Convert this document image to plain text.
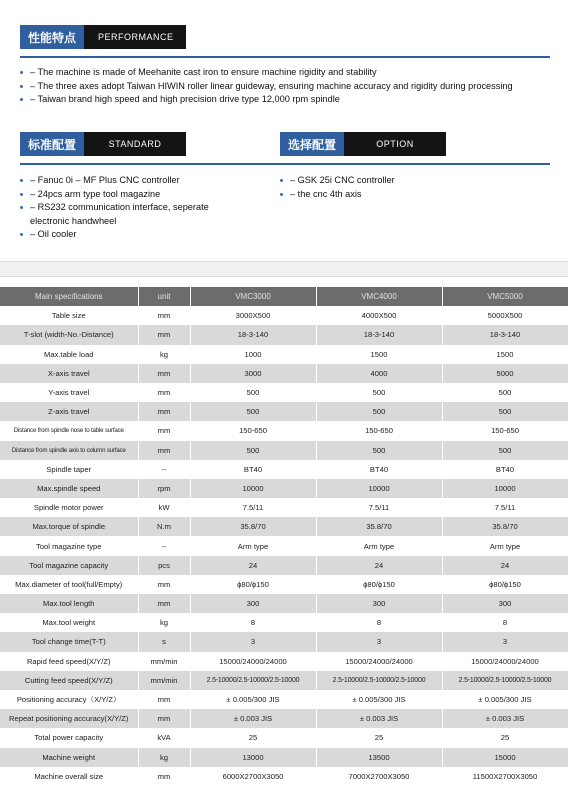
性能特点	PERFORMANCE
– The machine is made of Meehanite cast iron to ensure machine rigidity and stability
– The three axes adopt Taiwan HIWIN roller linear guideway, ensuring machine accuracy and rigidity during processing
– Taiwan brand high speed and high precision drive type 12,000 rpm spindle
标准配置	STANDARD
– Fanuc 0i – MF Plus CNC controller
– 24pcs arm type tool magazine
– RS232 communication interface, seperate electronic handwheel
– Oil cooler
选择配置	OPTION
– GSK 25i CNC controller
– the cnc 4th axis
Main specifications	unit	VMC3000	VMC4000	VMC5000
Table size	mm	3000X500	4000X500	5000X500
T-slot (width-No.-Distance)	mm	18-3-140	18-3-140	18-3-140
Max.table load	kg	1000	1500	1500
X-axis travel	mm	3000	4000	5000
Y-axis travel	mm	500	500	500
Z-axis travel	mm	500	500	500
Distance from spindle nose to table surface	mm	150-650	150-650	150-650
Distance from spindle axis to column surface	mm	500	500	500
Spindle taper	--	BT40	BT40	BT40
Max.spindle speed	rpm	10000	10000	10000
Spindle motor power	kW	7.5/11	7.5/11	7.5/11
Max.torque of spindle	N.m	35.8/70	35.8/70	35.8/70
Tool magazine type	--	Arm type	Arm type	Arm type
Tool magazine capacity	pcs	24	24	24
Max.diameter of tool(full/Empty)	mm	ϕ80/ϕ150	ϕ80/ϕ150	ϕ80/ϕ150
Max.tool length	mm	300	300	300
Max.tool weight	kg	8	8	8
Tool change time(T-T)	s	3	3	3
Rapid feed speed(X/Y/Z)	mm/min	15000/24000/24000	15000/24000/24000	15000/24000/24000
Cutting feed speed(X/Y/Z)	mm/min	2.5-10000/2.5-10000/2.5-10000	2.5-10000/2.5-10000/2.5-10000	2.5-10000/2.5-10000/2.5-10000
Positioning accuracy（X/Y/Z）	mm	± 0.005/300 JIS	± 0.005/300 JIS	± 0.005/300 JIS
Repeat positioning accuracy(X/Y/Z)	mm	± 0.003 JIS	± 0.003 JIS	± 0.003 JIS
Total power capacity	kVA	25	25	25
Machine weight	kg	13000	13500	15000
Machine overall size	mm	6000X2700X3050	7000X2700X3050	11500X2700X3050
